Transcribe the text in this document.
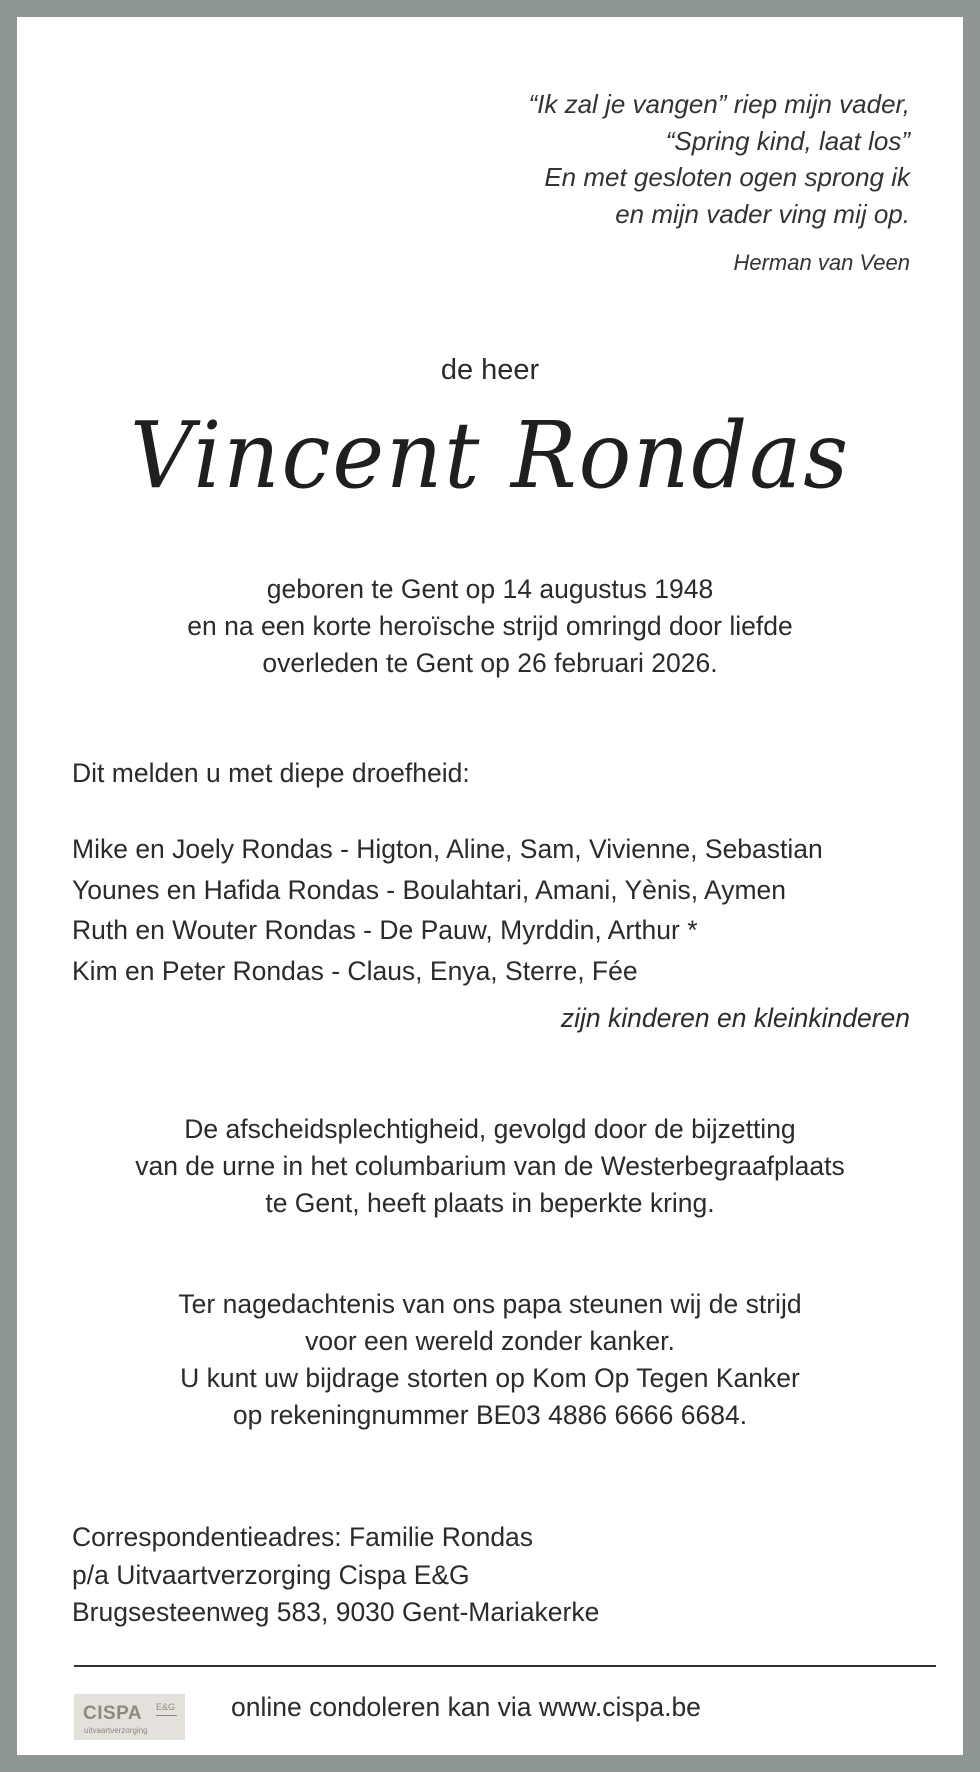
“Ik zal je vangen” riep mijn vader,
“Spring kind, laat los”
En met gesloten ogen sprong ik
en mijn vader ving mij op.
Herman van Veen
de heer
Vincent Rondas
geboren te Gent op 14 augustus 1948
en na een korte heroïsche strijd omringd door liefde
overleden te Gent op 26 februari 2026.
Dit melden u met diepe droefheid:
Mike en Joely Rondas - Higton, Aline, Sam, Vivienne, Sebastian
Younes en Hafida Rondas - Boulahtari, Amani, Yènis, Aymen
Ruth en Wouter Rondas - De Pauw, Myrddin, Arthur *
Kim en Peter Rondas - Claus, Enya, Sterre, Fée
zijn kinderen en kleinkinderen
De afscheidsplechtigheid, gevolgd door de bijzetting
van de urne in het columbarium van de Westerbegraafplaats
te Gent, heeft plaats in beperkte kring.
Ter nagedachtenis van ons papa steunen wij de strijd
voor een wereld zonder kanker.
U kunt uw bijdrage storten op Kom Op Tegen Kanker
op rekeningnummer BE03 4886 6666 6684.
Correspondentieadres: Familie Rondas
p/a Uitvaartverzorging Cispa E&G
Brugsesteenweg 583, 9030 Gent-Mariakerke
CISPA E&G
uitvaartverzorging
online condoleren kan via www.cispa.be
